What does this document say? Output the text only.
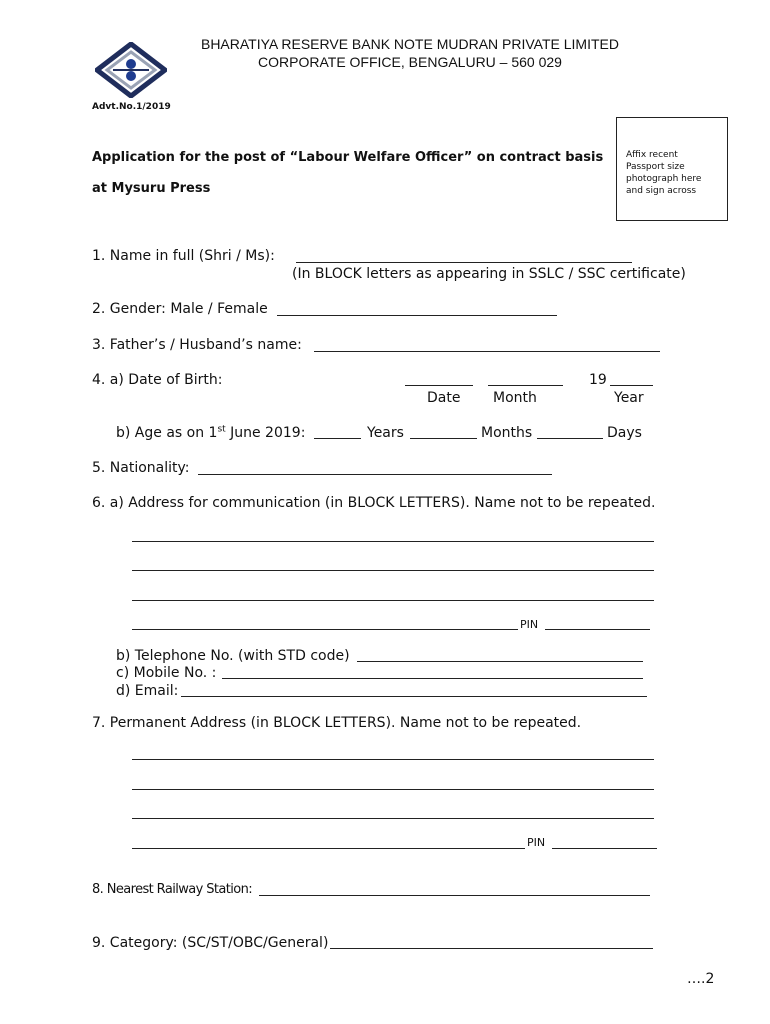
BHARATIYA RESERVE BANK NOTE MUDRAN PRIVATE LIMITED
CORPORATE OFFICE, BENGALURU – 560 029
Advt.No.1/2019
Application for the post of “Labour Welfare Officer” on contract basis
at Mysuru Press
Affix recent Passport size photograph here and sign across
1. Name in full (Shri / Ms):
(In BLOCK letters as appearing in SSLC / SSC certificate)
2. Gender: Male / Female
3. Father’s / Husband’s name:
4. a) Date of Birth:	19
Date Month	Year
b) Age as on 1st June 2019:	Years	Months	Days
5. Nationality:
6. a) Address for communication (in BLOCK LETTERS). Name not to be repeated.
PIN
b) Telephone No. (with STD code)
c) Mobile No. :
d) Email:
7. Permanent Address (in BLOCK LETTERS). Name not to be repeated.
PIN
8. Nearest Railway Station:
9. Category: (SC/ST/OBC/General)
….2
